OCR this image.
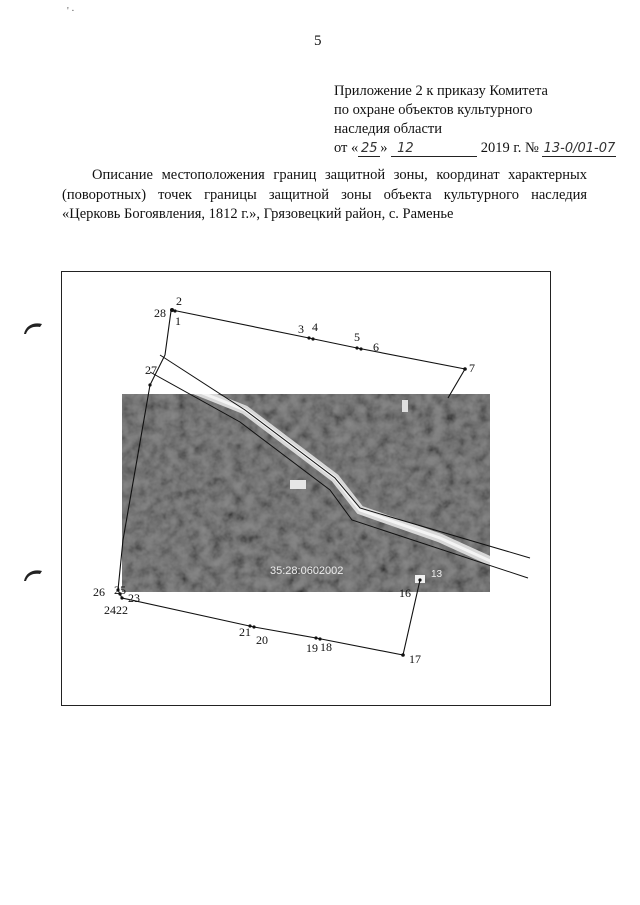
' ·
5
Приложение 2 к приказу Комитета
по охране объектов культурного
наследия области
от « 25 » 12	2019 г. № 13-0/01-07
Описание местоположения границ защитной зоны, координат характерных
(поворотных) точек границы защитной зоны объекта культурного наследия
«Церковь Богоявления, 1812 г.», Грязовецкий район, с. Раменье
35:28:0602002	13
2
28
1
3 4
5
6
7
27
16
17
18
19
20
21
22
23
24
25
26
